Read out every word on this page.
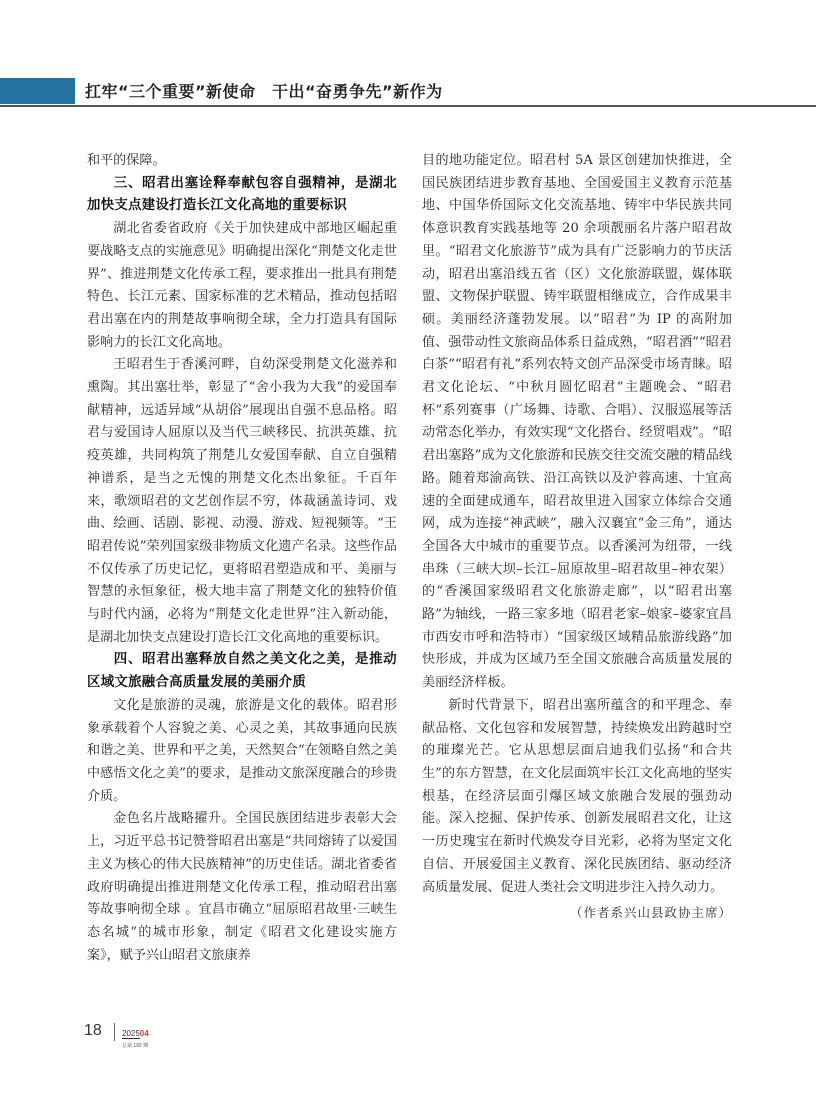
扛牢“三个重要”新使命　干出“奋勇争先”新作为

和平的保障。

三、昭君出塞诠释奉献包容自强精神，是湖北加快支点建设打造长江文化高地的重要标识

湖北省委省政府《关于加快建成中部地区崛起重要战略支点的实施意见》明确提出深化“荆楚文化走世界”、推进荆楚文化传承工程，要求推出一批具有荆楚特色、长江元素、国家标准的艺术精品，推动包括昭君出塞在内的荆楚故事响彻全球，全力打造具有国际影响力的长江文化高地。

王昭君生于香溪河畔，自幼深受荆楚文化滋养和熏陶。其出塞壮举，彰显了“舍小我为大我”的爱国奉献精神，远适异域“从胡俗”展现出自强不息品格。昭君与爱国诗人屈原以及当代三峡移民、抗洪英雄、抗疫英雄，共同构筑了荆楚儿女爱国奉献、自立自强精神谱系，是当之无愧的荆楚文化杰出象征。千百年来，歌颂昭君的文艺创作层不穷，体裁涵盖诗词、戏曲、绘画、话剧、影视、动漫、游戏、短视频等。“王昭君传说”荣列国家级非物质文化遗产名录。这些作品不仅传承了历史记忆，更将昭君塑造成和平、美丽与智慧的永恒象征，极大地丰富了荆楚文化的独特价值与时代内涵，必将为“荆楚文化走世界”注入新动能，是湖北加快支点建设打造长江文化高地的重要标识。

四、昭君出塞释放自然之美文化之美，是推动区域文旅融合高质量发展的美丽介质

文化是旅游的灵魂，旅游是文化的载体。昭君形象承载着个人容貌之美、心灵之美，其故事通向民族和谐之美、世界和平之美，天然契合“在领略自然之美中感悟文化之美”的要求，是推动文旅深度融合的珍贵介质。

金色名片战略擢升。全国民族团结进步表彰大会上，习近平总书记赞誉昭君出塞是“共同熔铸了以爱国主义为核心的伟大民族精神”的历史佳话。湖北省委省政府明确提出推进荆楚文化传承工程，推动昭君出塞等故事响彻全球 。宜昌市确立“屈原昭君故里·三峡生态名城”的城市形象，制定《昭君文化建设实施方案》，赋予兴山昭君文旅康养

目的地功能定位。昭君村 5A 景区创建加快推进，全国民族团结进步教育基地、全国爱国主义教育示范基地、中国华侨国际文化交流基地、铸牢中华民族共同体意识教育实践基地等 20 余项靓丽名片落户昭君故里。“昭君文化旅游节”成为具有广泛影响力的节庆活动，昭君出塞沿线五省（区）文化旅游联盟，媒体联盟、文物保护联盟、铸牢联盟相继成立，合作成果丰硕。美丽经济蓬勃发展。以“昭君”为 IP 的高附加值、强带动性文旅商品体系日益成熟，“昭君酒”“昭君白茶”“昭君有礼”系列农特文创产品深受市场青睐。昭君文化论坛、“中秋月圆忆昭君”主题晚会、“昭君杯”系列赛事（广场舞、诗歌、合唱）、汉服巡展等活动常态化举办，有效实现“文化搭台、经贸唱戏”。“昭君出塞路”成为文化旅游和民族交往交流交融的精品线路。随着郑渝高铁、沿江高铁以及沪蓉高速、十宜高速的全面建成通车，昭君故里进入国家立体综合交通网，成为连接“神武峡”，融入汉襄宜“金三角”，通达全国各大中城市的重要节点。以香溪河为纽带，一线串珠（三峡大坝–长江–屈原故里–昭君故里–神农架）的“香溪国家级昭君文化旅游走廊”，以“昭君出塞路”为轴线，一路三家多地（昭君老家–娘家–婆家宜昌市西安市呼和浩特市）“国家级区域精品旅游线路”加快形成，并成为区域乃至全国文旅融合高质量发展的美丽经济样板。

新时代背景下，昭君出塞所蕴含的和平理念、奉献品格、文化包容和发展智慧，持续焕发出跨越时空的璀璨光芒。它从思想层面启迪我们弘扬“和合共生”的东方智慧，在文化层面筑牢长江文化高地的坚实根基，在经济层面引爆区域文旅融合发展的强劲动能。深入挖掘、保护传承、创新发展昭君文化，让这一历史瑰宝在新时代焕发夺目光彩，必将为坚定文化自信、开展爱国主义教育、深化民族团结、驱动经济高质量发展、促进人类社会文明进步注入持久动力。

（作者系兴山县政协主席）
18	202504
总第 192 期
